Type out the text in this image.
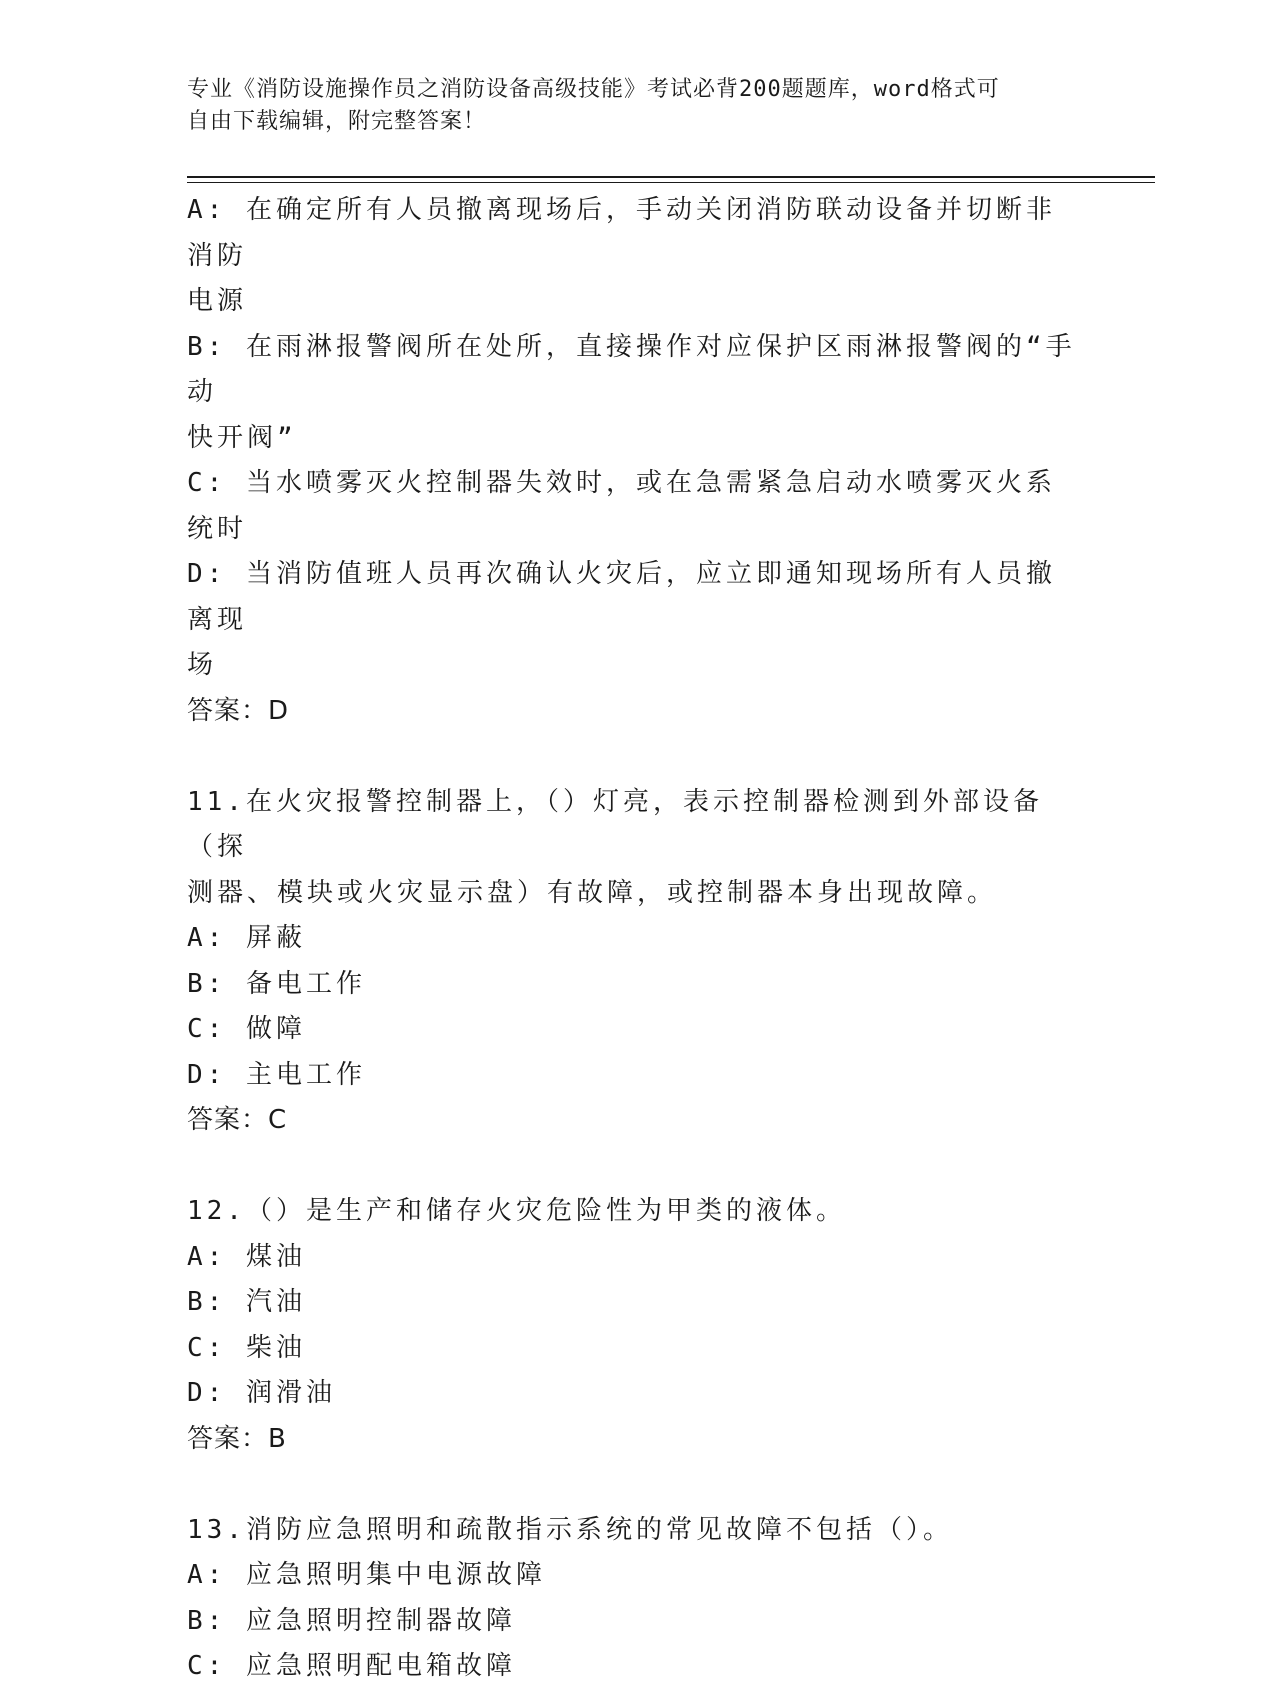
专业《消防设施操作员之消防设备高级技能》考试必背200题题库，word格式可
自由下载编辑，附完整答案！
A: 在确定所有人员撤离现场后，手动关闭消防联动设备并切断非消防
电源
B: 在雨淋报警阀所在处所，直接操作对应保护区雨淋报警阀的“手动
快开阀”
C: 当水喷雾灭火控制器失效时，或在急需紧急启动水喷雾灭火系统时
D: 当消防值班人员再次确认火灾后，应立即通知现场所有人员撤离现
场
答案：D
11.在火灾报警控制器上，（）灯亮，表示控制器检测到外部设备（探
测器、模块或火灾显示盘）有故障，或控制器本身出现故障。
A: 屏蔽
B: 备电工作
C: 做障
D: 主电工作
答案：C
12.（）是生产和储存火灾危险性为甲类的液体。
A: 煤油
B: 汽油
C: 柴油
D: 润滑油
答案：B
13.消防应急照明和疏散指示系统的常见故障不包括（）。
A: 应急照明集中电源故障
B: 应急照明控制器故障
C: 应急照明配电箱故障
